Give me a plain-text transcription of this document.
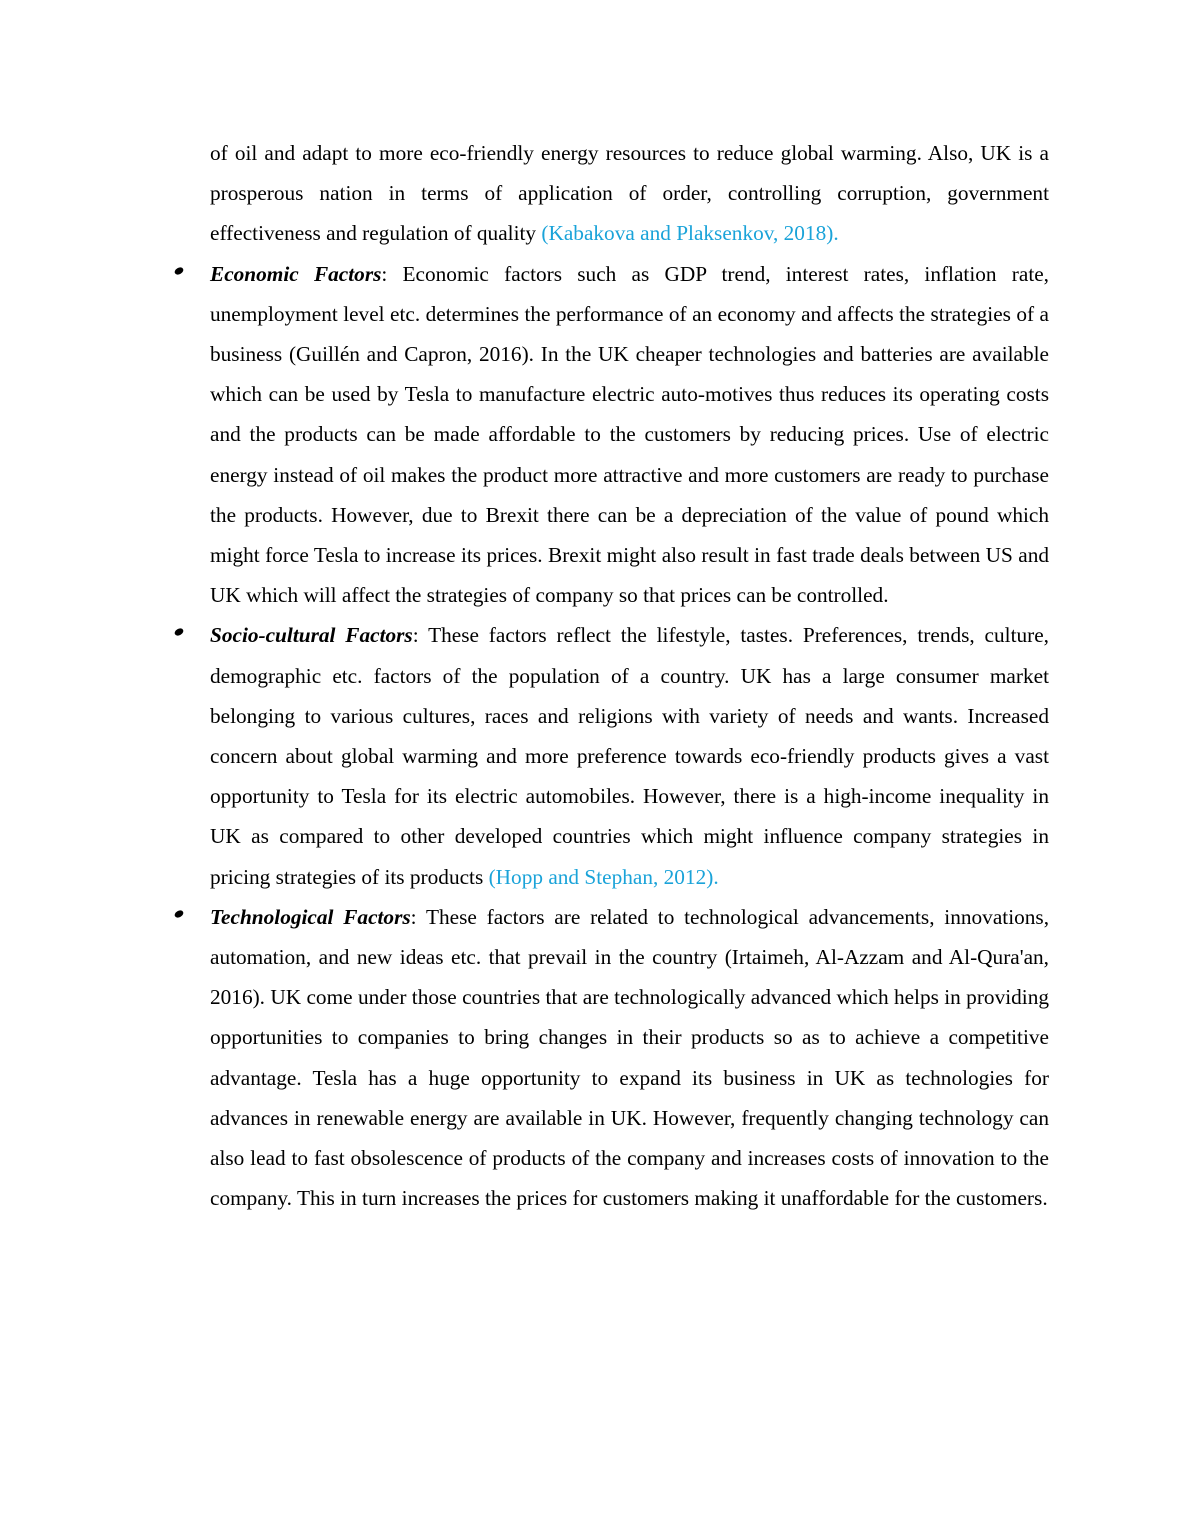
of oil and adapt to more eco-friendly energy resources to reduce global warming. Also, UK is a prosperous nation in terms of application of order, controlling corruption, government effectiveness and regulation of quality (Kabakova and Plaksenkov, 2018).

Economic Factors: Economic factors such as GDP trend, interest rates, inflation rate, unemployment level etc. determines the performance of an economy and affects the strategies of a business (Guillén and Capron, 2016). In the UK cheaper technologies and batteries are available which can be used by Tesla to manufacture electric auto-motives thus reduces its operating costs and the products can be made affordable to the customers by reducing prices. Use of electric energy instead of oil makes the product more attractive and more customers are ready to purchase the products. However, due to Brexit there can be a depreciation of the value of pound which might force Tesla to increase its prices. Brexit might also result in fast trade deals between US and UK which will affect the strategies of company so that prices can be controlled.
Socio-cultural Factors: These factors reflect the lifestyle, tastes. Preferences, trends, culture, demographic etc. factors of the population of a country. UK has a large consumer market belonging to various cultures, races and religions with variety of needs and wants. Increased concern about global warming and more preference towards eco-friendly products gives a vast opportunity to Tesla for its electric automobiles. However, there is a high-income inequality in UK as compared to other developed countries which might influence company strategies in pricing strategies of its products (Hopp and Stephan, 2012).
Technological Factors: These factors are related to technological advancements, innovations, automation, and new ideas etc. that prevail in the country (Irtaimeh, Al-Azzam and Al-Qura'an, 2016). UK come under those countries that are technologically advanced which helps in providing opportunities to companies to bring changes in their products so as to achieve a competitive advantage. Tesla has a huge opportunity to expand its business in UK as technologies for advances in renewable energy are available in UK. However, frequently changing technology can also lead to fast obsolescence of products of the company and increases costs of innovation to the company. This in turn increases the prices for customers making it unaffordable for the customers.
